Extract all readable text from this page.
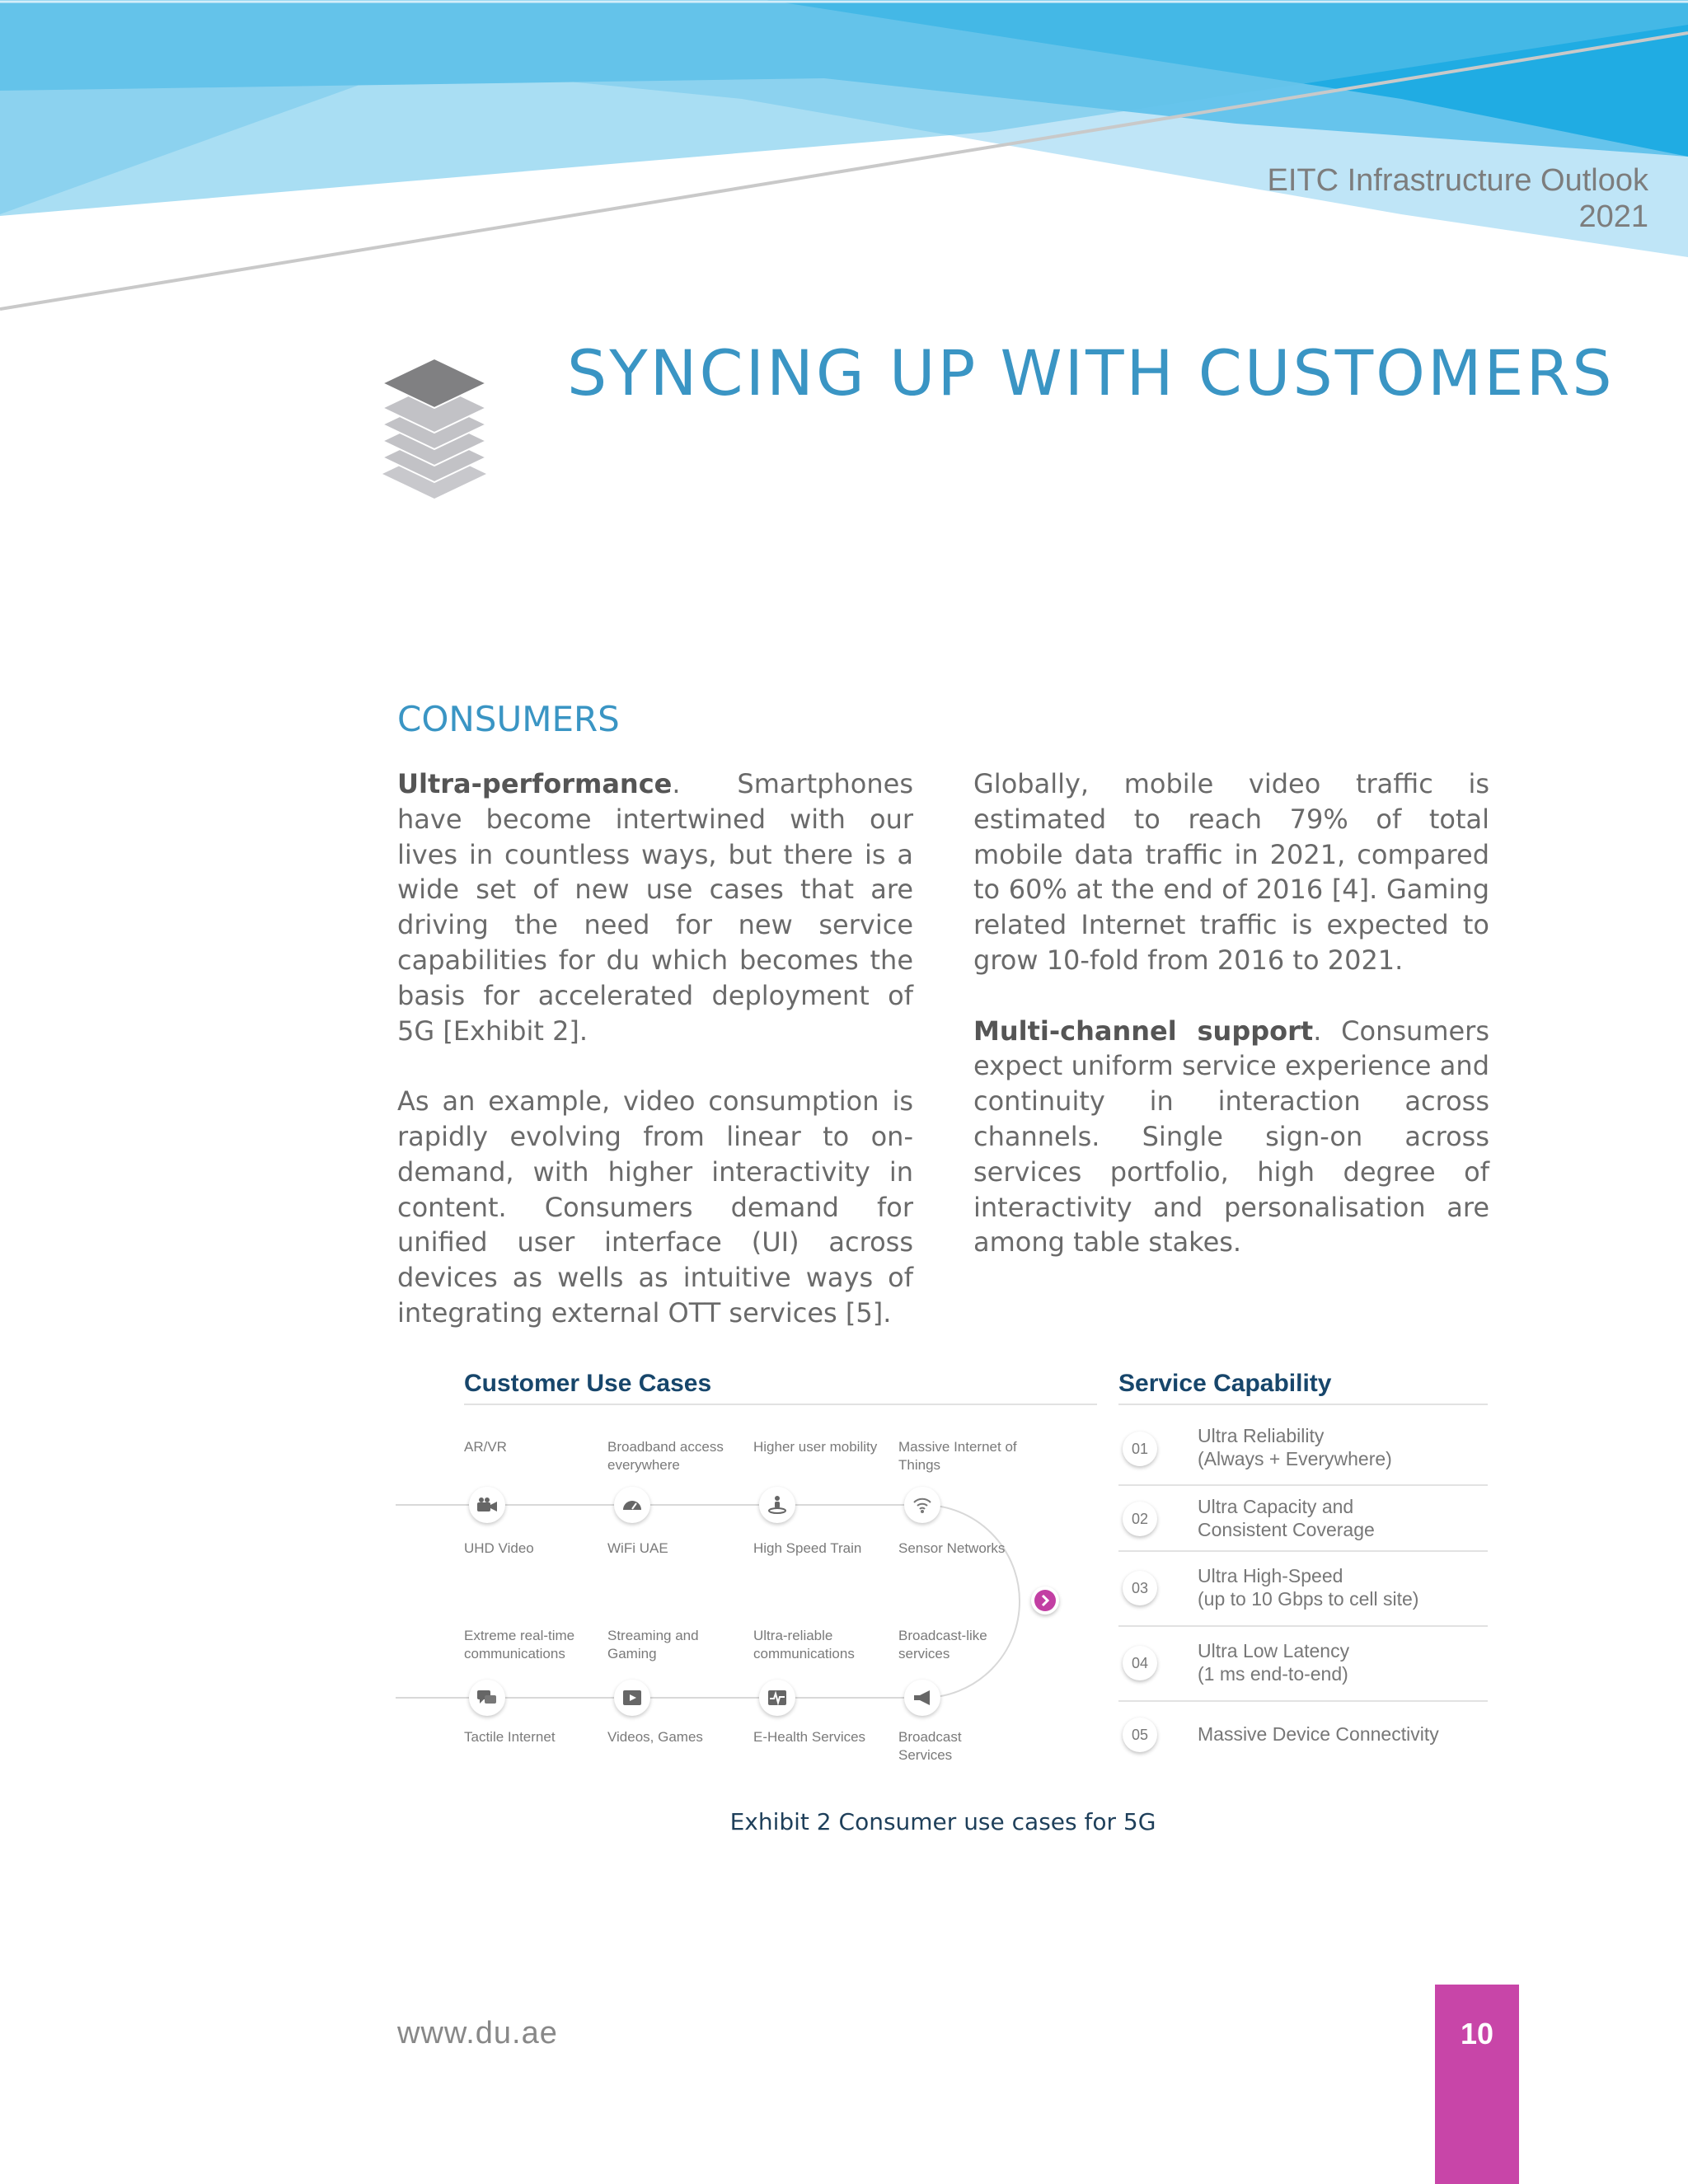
EITC Infrastructure Outlook
2021
SYNCING UP WITH CUSTOMERS
CONSUMERS

Ultra-performance. Smartphones have become intertwined with our lives in countless ways, but there is a wide set of new use cases that are driving the need for new service capabilities for du which becomes the basis for accelerated deployment of 5G [Exhibit 2].

As an example, video consumption is rapidly evolving from linear to on-demand, with higher interactivity in content. Consumers demand for unified user interface (UI) across devices as wells as intuitive ways of integrating external OTT services [5].

Globally, mobile video traffic is estimated to reach 79% of total mobile data traffic in 2021, compared to 60% at the end of 2016 [4]. Gaming related Internet traffic is expected to grow 10-fold from 2016 to 2021.

Multi-channel support. Consumers expect uniform service experience and continuity in interaction across channels. Single sign-on across services portfolio, high degree of interactivity and personalisation are among table stakes.

Customer Use Cases	Service Capability
AR/VR	Broadband access everywhere
Higher user mobility	Massive Internet of Things
UHD Video	WiFi UAE	High Speed Train	Sensor Networks
Extreme real-time communications
Streaming and Gaming
Ultra-reliable communications
Broadcast-like services
Tactile Internet	Videos, Games	E-Health Services	Broadcast Services
01
Ultra Reliability
(Always + Everywhere)
02
Ultra Capacity and
Consistent Coverage
03
Ultra High-Speed
(up to 10 Gbps to cell site)
04
Ultra Low Latency
(1 ms end-to-end)
05	Massive Device Connectivity
Exhibit 2 Consumer use cases for 5G
www.du.ae	10
